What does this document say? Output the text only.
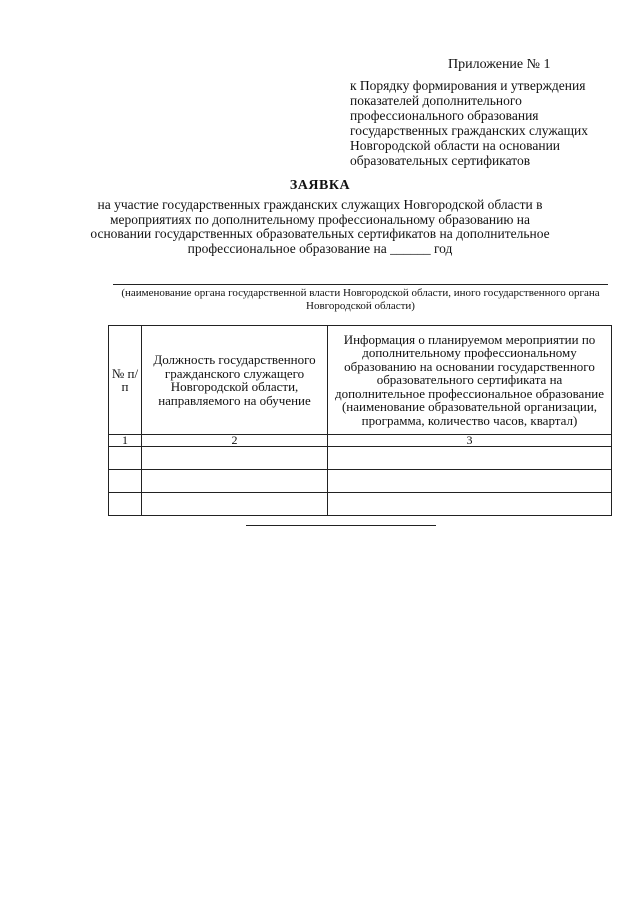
Приложение № 1
к Порядку формирования и утверждения показателей дополнительного профессионального образования государственных гражданских служащих Новгородской области на основании образовательных сертификатов
ЗАЯВКА
на участие государственных гражданских служащих Новгородской области в мероприятиях по дополнительному профессиональному образованию на основании государственных образовательных сертификатов на дополнительное профессиональное образование на ______ год
(наименование органа государственной власти Новгородской области, иного государственного органа Новгородской области)
№ п/п	Должность государственного гражданского служащего Новгородской области, направляемого на обучение	Информация о планируемом мероприятии по дополнительному профессиональному образованию на основании государственного образовательного сертификата на дополнительное профессиональное образование (наименование образовательной организации, программа, количество часов, квартал)
1	2	3
